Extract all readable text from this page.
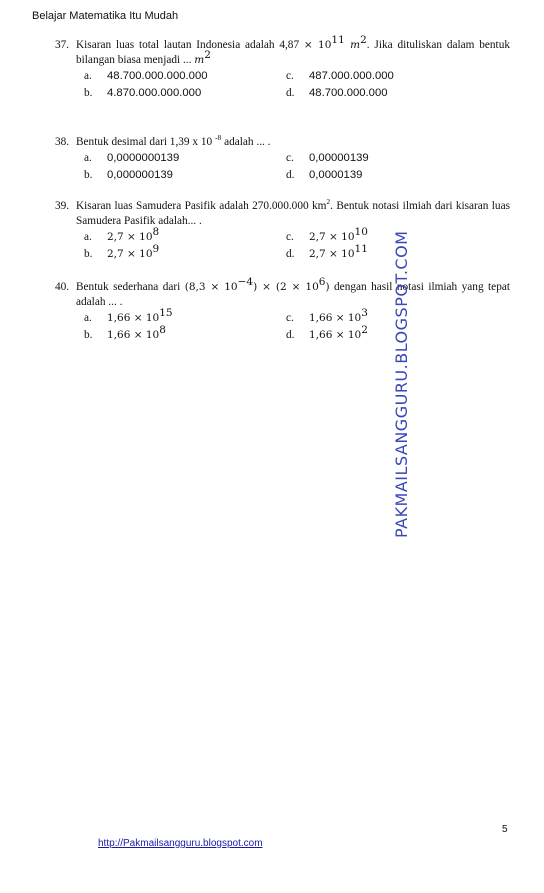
Belajar Matematika Itu Mudah
37. Kisaran luas total lautan Indonesia adalah $4,87 \times 10^{11}$ $m^2$. Jika dituliskan dalam bentuk bilangan biasa menjadi ... $m^2$
a. 48.700.000.000.000
b. 4.870.000.000.000
c. 487.000.000.000
d. 48.700.000.000
38. Bentuk desimal dari 1,39 x 10 $^{-8}$ adalah ... .
a. 0,0000000139
b. 0,000000139
c. 0,00000139
d. 0,0000139
39. Kisaran luas Samudera Pasifik adalah 270.000.000 $km^2$. Bentuk notasi ilmiah dari kisaran luas Samudera Pasifik adalah... .
a. $2,7 \times 10^8$
b. $2,7 \times 10^9$
c. $2,7 \times 10^{10}$
d. $2,7 \times 10^{11}$
40. Bentuk sederhana dari $(8,3 \times 10^{-4}) \times (2 \times 10^6)$ dengan hasil notasi ilmiah yang tepat adalah ... .
a. $1,66 \times 10^{15}$
b. $1,66 \times 10^8$
c. $1,66 \times 10^3$
d. $1,66 \times 10^2$ PAKMAILSANGGURU.BLOGSPOT.COM
5
http://Pakmailsangguru.blogspot.com
